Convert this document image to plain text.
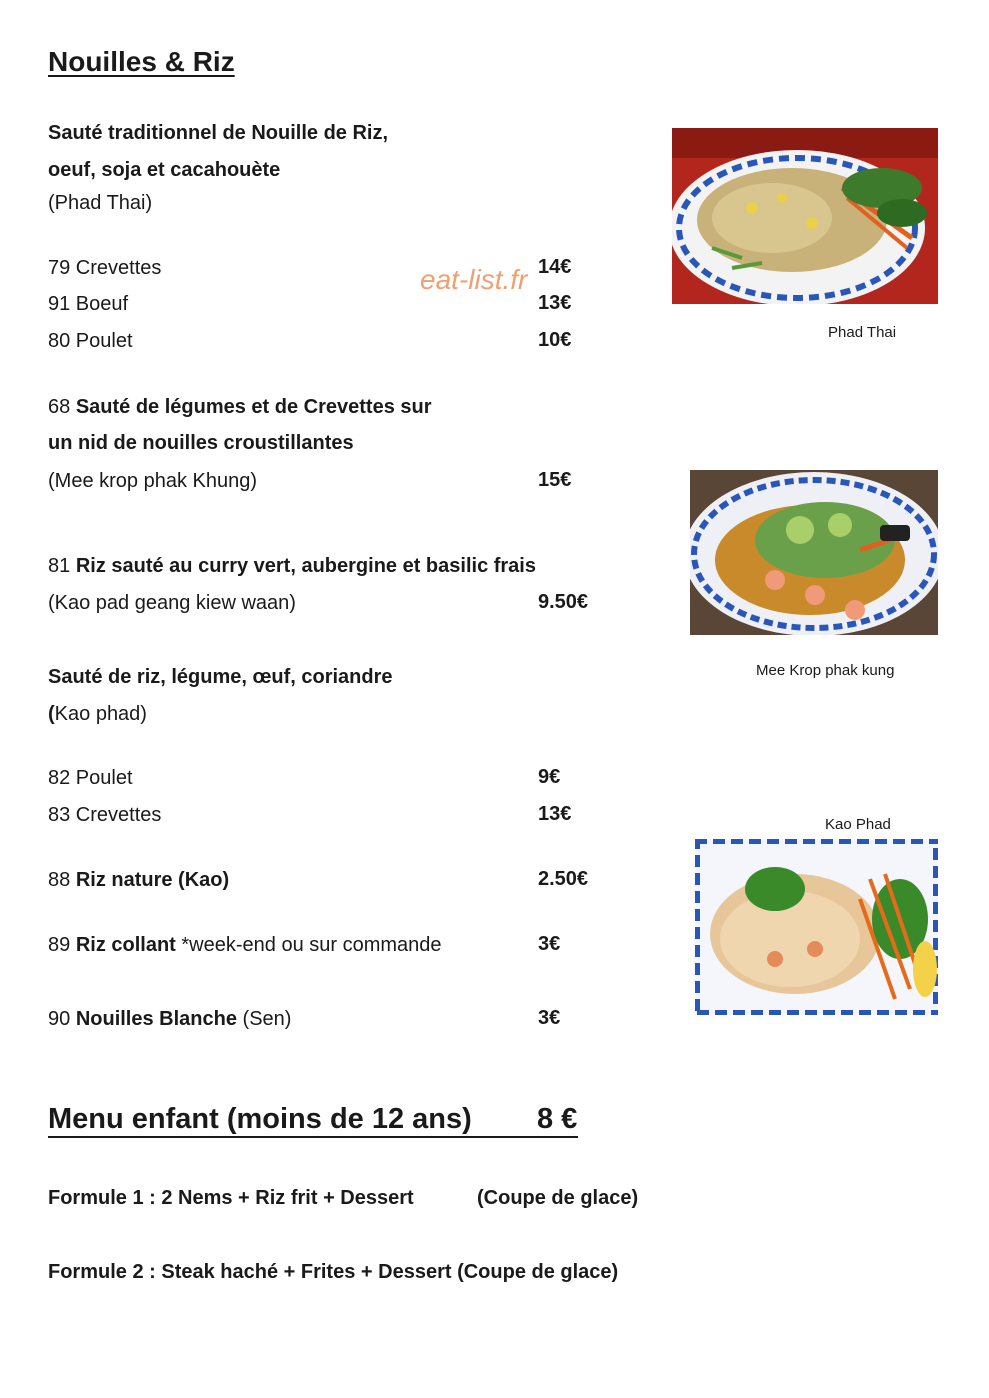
Nouilles & Riz
eat-list.fr
Sauté traditionnel de Nouille de Riz,
oeuf, soja et cacahouète
(Phad Thai)
79 Crevettes	14€
91 Boeuf	13€
80 Poulet	10€
68 Sauté de légumes et de Crevettes sur
un nid de nouilles croustillantes
(Mee krop phak Khung)	15€
81 Riz sauté au curry vert, aubergine et basilic frais
(Kao pad geang kiew waan)	9.50€
Sauté de riz, légume, œuf, coriandre
(Kao phad)
82 Poulet	9€
83 Crevettes	13€
88 Riz nature (Kao)	2.50€
89 Riz collant *week-end ou sur commande	3€
90 Nouilles Blanche (Sen)	3€
Phad Thai
Mee Krop phak kung
Kao Phad
Menu enfant (moins de 12 ans) 8 €
Formule 1 : 2 Nems + Riz frit + Dessert	(Coupe de glace)
Formule 2 : Steak haché + Frites + Dessert (Coupe de glace)
